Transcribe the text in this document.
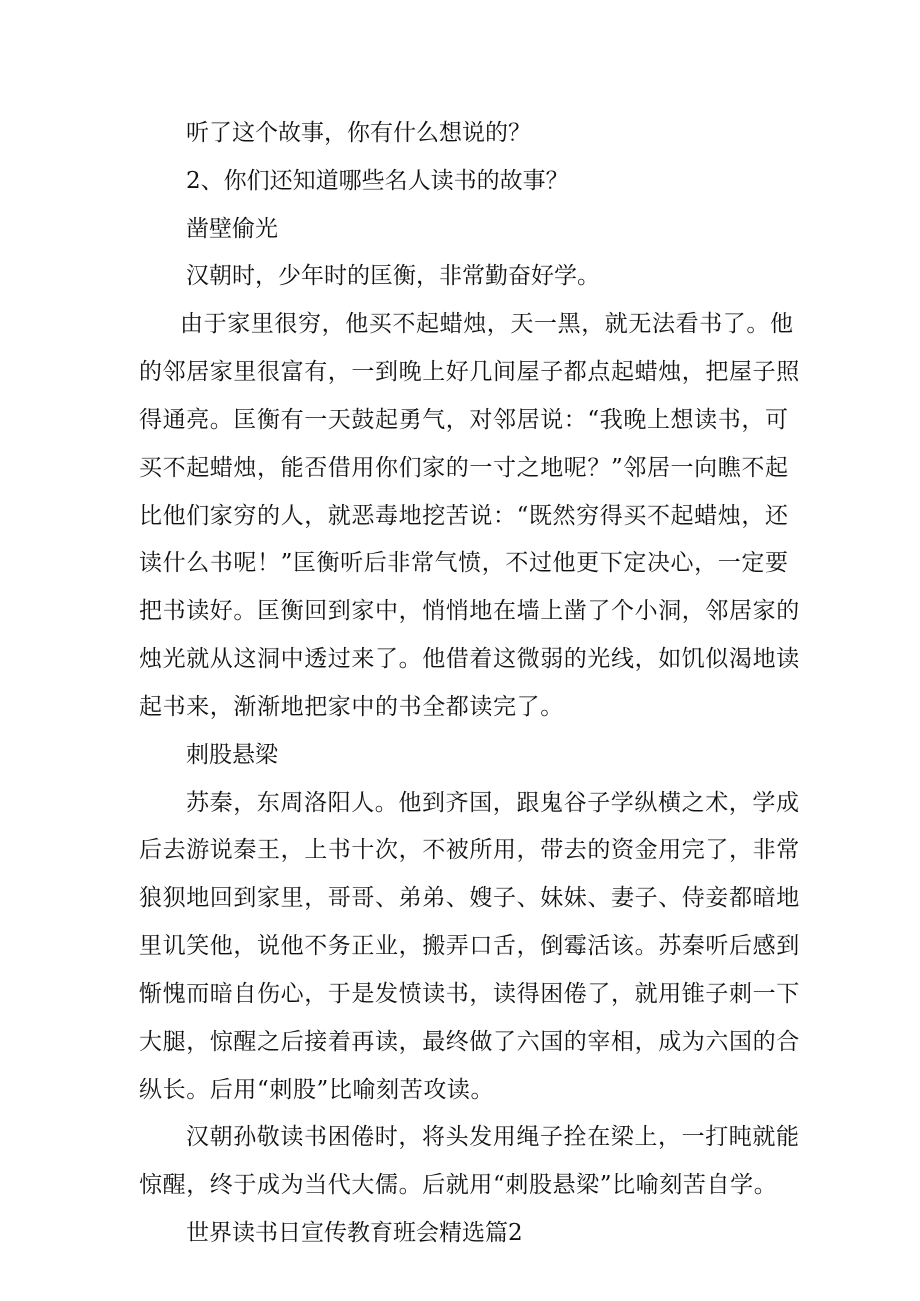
听了这个故事，你有什么想说的？
2、你们还知道哪些名人读书的故事？
凿壁偷光
汉朝时，少年时的匡衡，非常勤奋好学。
由于家里很穷，他买不起蜡烛，天一黑，就无法看书了。他
的邻居家里很富有，一到晚上好几间屋子都点起蜡烛，把屋子照
得通亮。匡衡有一天鼓起勇气，对邻居说：“我晚上想读书，可
买不起蜡烛，能否借用你们家的一寸之地呢？”邻居一向瞧不起
比他们家穷的人，就恶毒地挖苦说：“既然穷得买不起蜡烛，还
读什么书呢！”匡衡听后非常气愤，不过他更下定决心，一定要
把书读好。匡衡回到家中，悄悄地在墙上凿了个小洞，邻居家的
烛光就从这洞中透过来了。他借着这微弱的光线，如饥似渴地读
起书来，渐渐地把家中的书全都读完了。
刺股悬梁
苏秦，东周洛阳人。他到齐国，跟鬼谷子学纵横之术，学成
后去游说秦王，上书十次，不被所用，带去的资金用完了，非常
狼狈地回到家里，哥哥、弟弟、嫂子、妹妹、妻子、侍妾都暗地
里讥笑他，说他不务正业，搬弄口舌，倒霉活该。苏秦听后感到
惭愧而暗自伤心，于是发愤读书，读得困倦了，就用锥子刺一下
大腿，惊醒之后接着再读，最终做了六国的宰相，成为六国的合
纵长。后用“刺股”比喻刻苦攻读。
汉朝孙敬读书困倦时，将头发用绳子拴在梁上，一打盹就能
惊醒，终于成为当代大儒。后就用“刺股悬梁”比喻刻苦自学。
世界读书日宣传教育班会精选篇2
